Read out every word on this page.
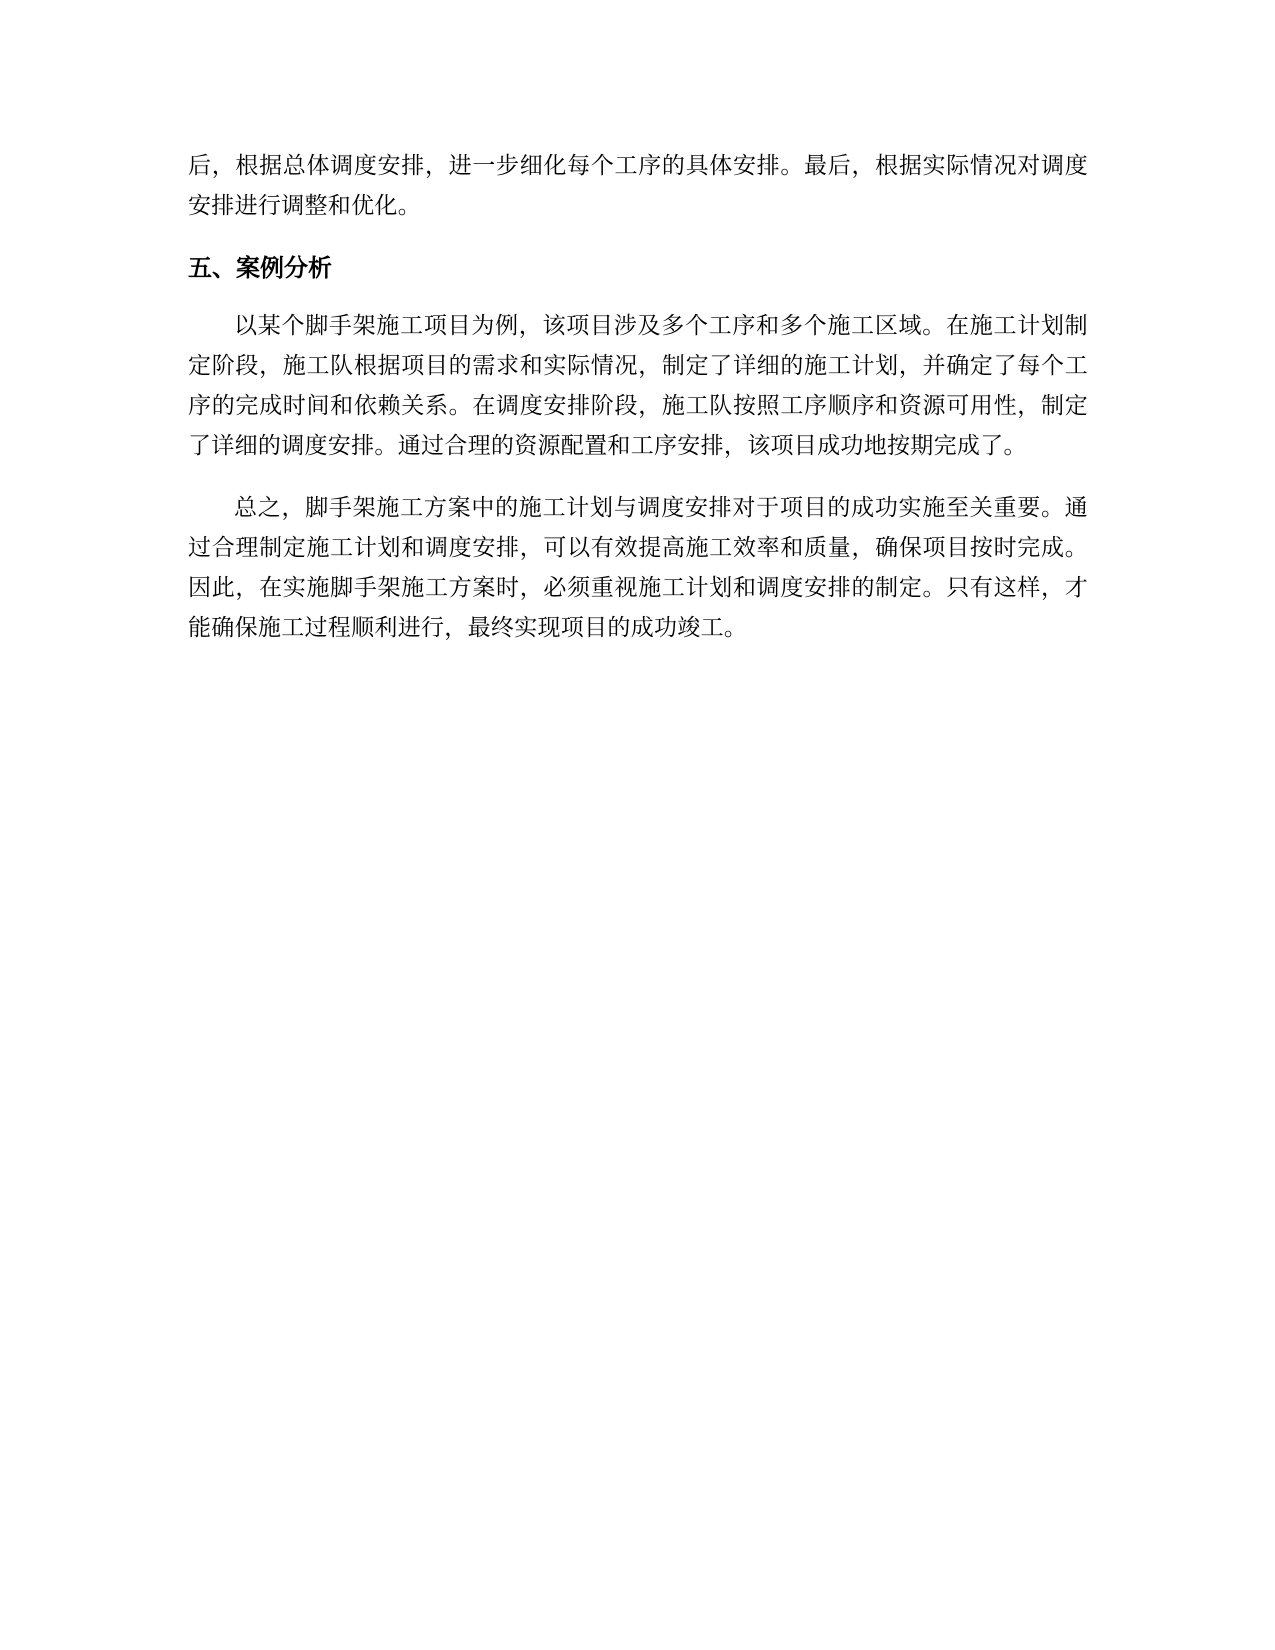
后，根据总体调度安排，进一步细化每个工序的具体安排。最后，根据实际情况对调度安排进行调整和优化。

五、案例分析

以某个脚手架施工项目为例，该项目涉及多个工序和多个施工区域。在施工计划制定阶段，施工队根据项目的需求和实际情况，制定了详细的施工计划，并确定了每个工序的完成时间和依赖关系。在调度安排阶段，施工队按照工序顺序和资源可用性，制定了详细的调度安排。通过合理的资源配置和工序安排，该项目成功地按期完成了。

总之，脚手架施工方案中的施工计划与调度安排对于项目的成功实施至关重要。通过合理制定施工计划和调度安排，可以有效提高施工效率和质量，确保项目按时完成。因此，在实施脚手架施工方案时，必须重视施工计划和调度安排的制定。只有这样，才能确保施工过程顺利进行，最终实现项目的成功竣工。
